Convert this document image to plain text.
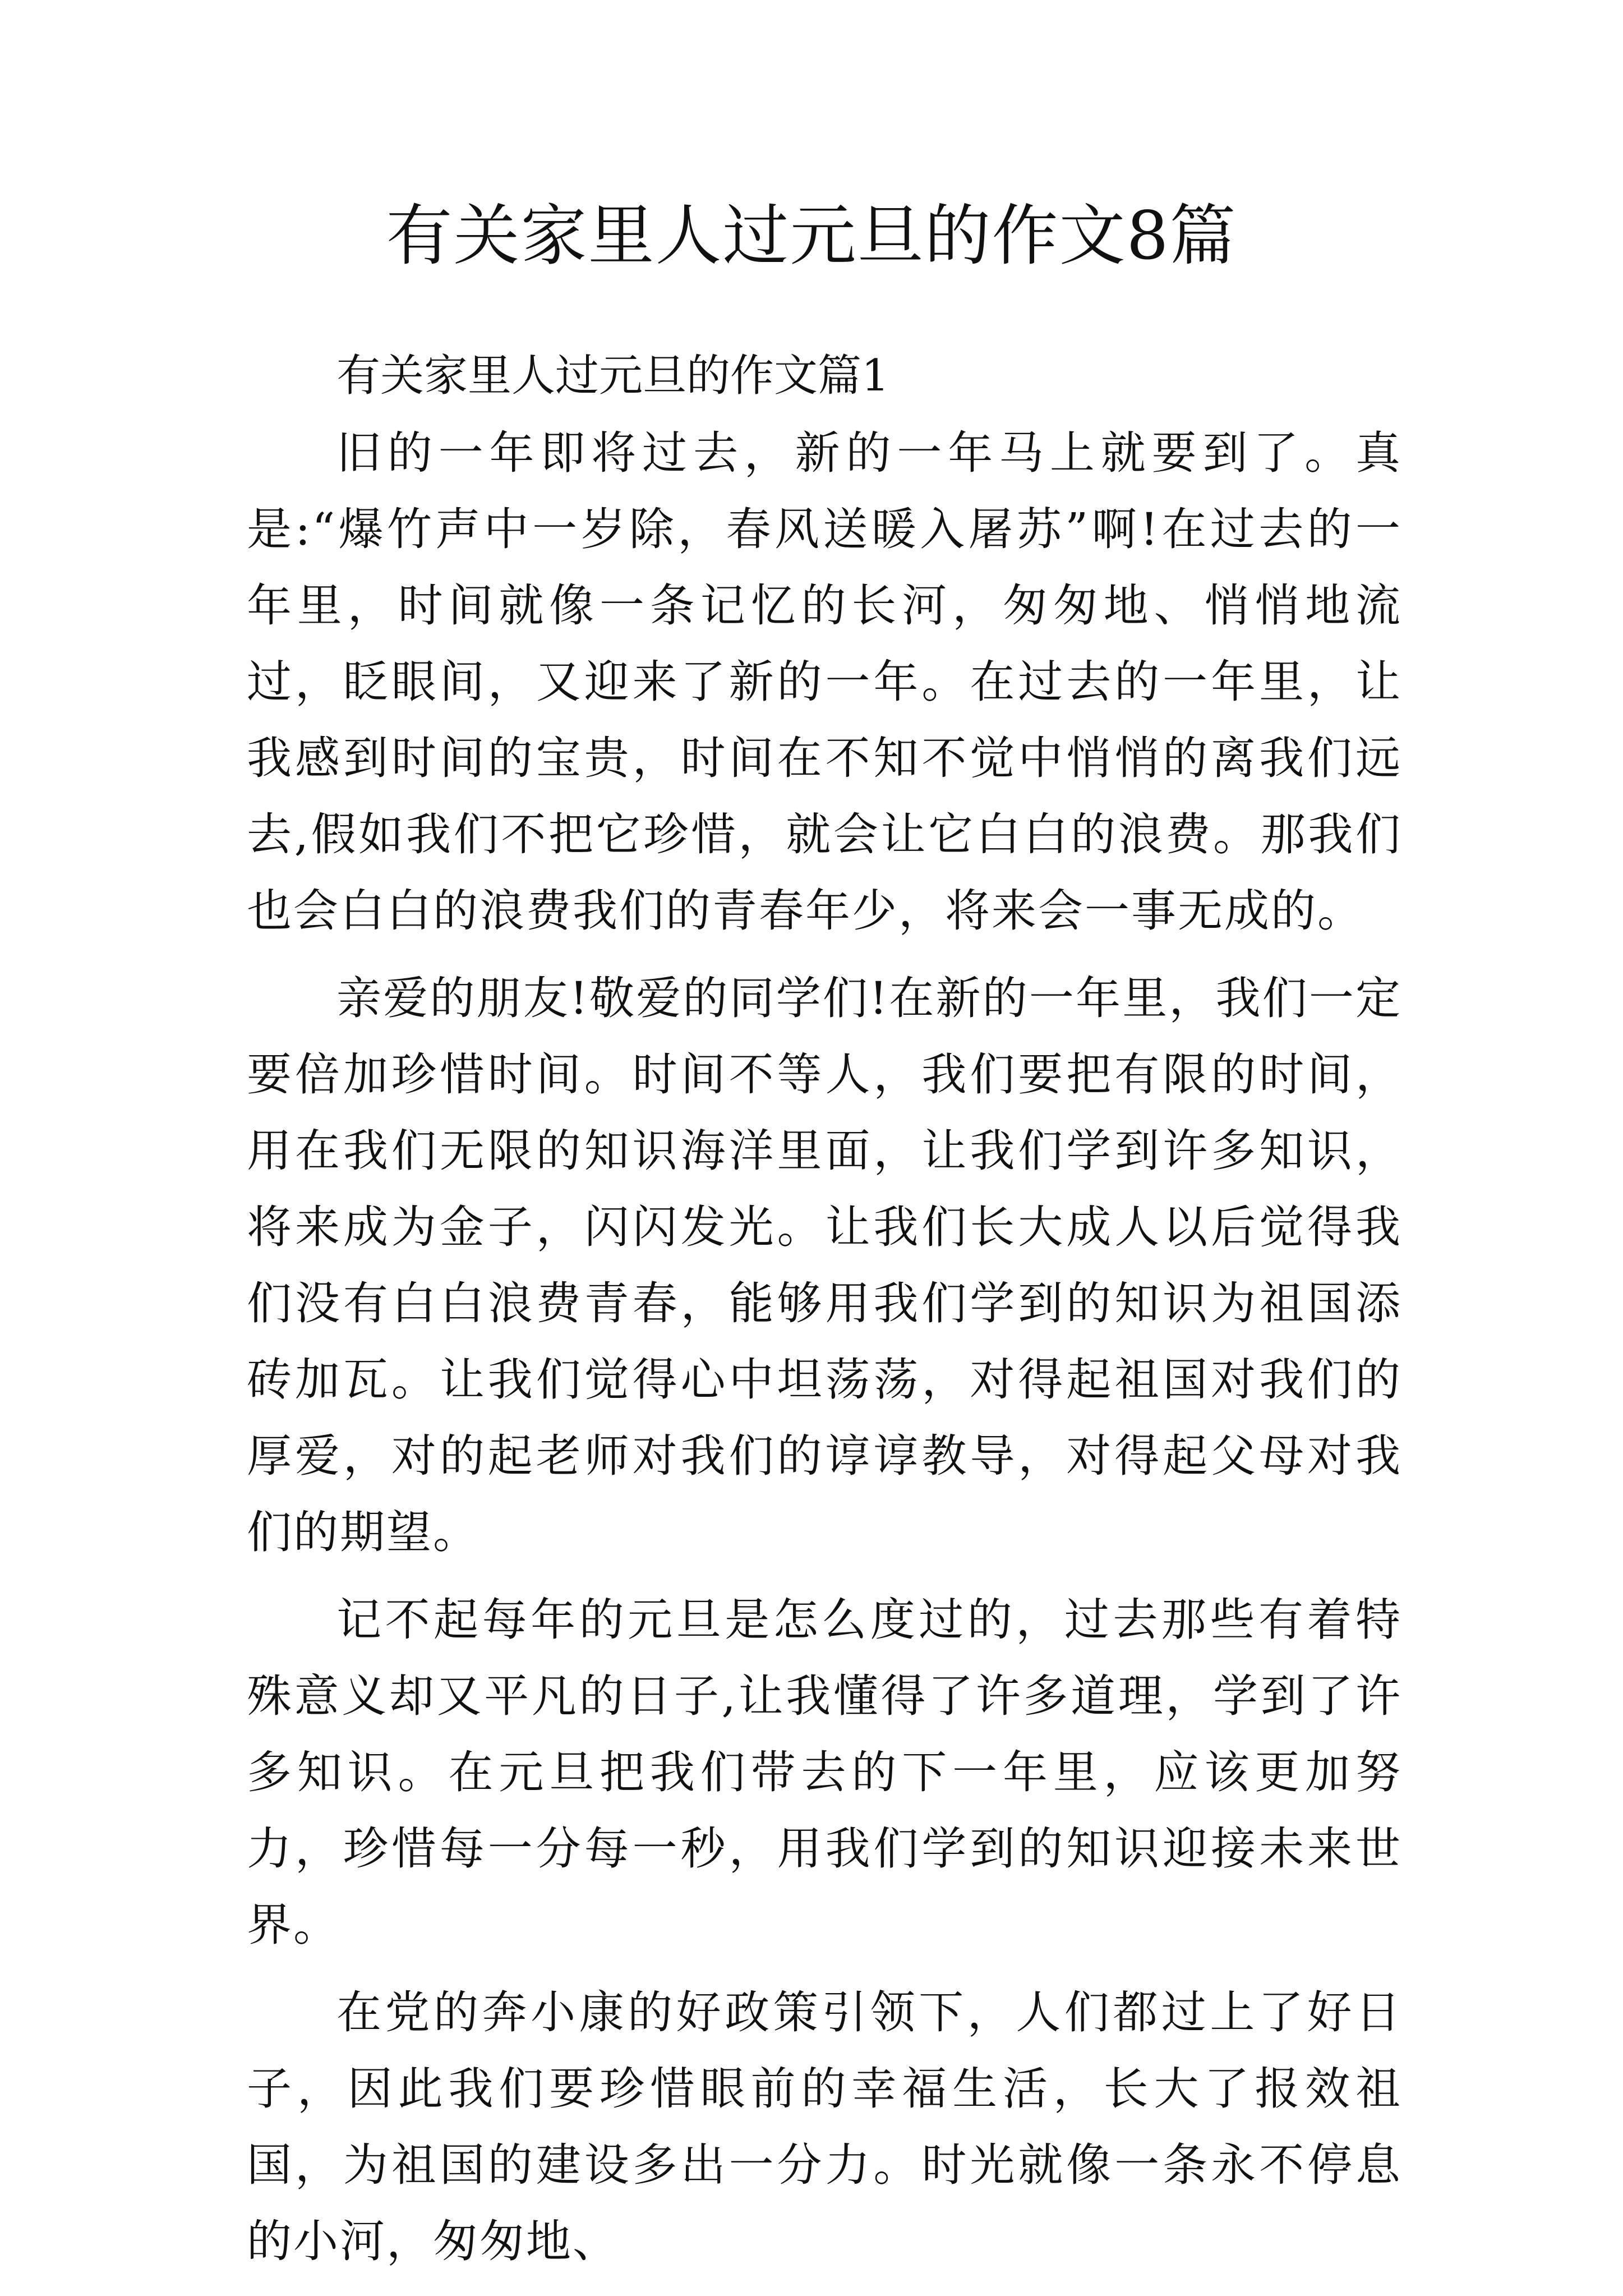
有关家里人过元旦的作文8篇

有关家里人过元旦的作文篇1

旧的一年即将过去，新的一年马上就要到了。真是:“爆竹声中一岁除，春风送暖入屠苏”啊!在过去的一年里，时间就像一条记忆的长河，匆匆地、悄悄地流过，眨眼间，又迎来了新的一年。在过去的一年里，让我感到时间的宝贵，时间在不知不觉中悄悄的离我们远去,假如我们不把它珍惜，就会让它白白的浪费。那我们也会白白的浪费我们的青春年少，将来会一事无成的。

亲爱的朋友!敬爱的同学们!在新的一年里，我们一定要倍加珍惜时间。时间不等人，我们要把有限的时间，用在我们无限的知识海洋里面，让我们学到许多知识，将来成为金子，闪闪发光。让我们长大成人以后觉得我们没有白白浪费青春，能够用我们学到的知识为祖国添砖加瓦。让我们觉得心中坦荡荡，对得起祖国对我们的厚爱，对的起老师对我们的谆谆教导，对得起父母对我们的期望。

记不起每年的元旦是怎么度过的，过去那些有着特殊意义却又平凡的日子,让我懂得了许多道理，学到了许多知识。在元旦把我们带去的下一年里，应该更加努力，珍惜每一分每一秒，用我们学到的知识迎接未来世界。

在党的奔小康的好政策引领下，人们都过上了好日子，因此我们要珍惜眼前的幸福生活，长大了报效祖国，为祖国的建设多出一分力。时光就像一条永不停息的小河，匆匆地、
